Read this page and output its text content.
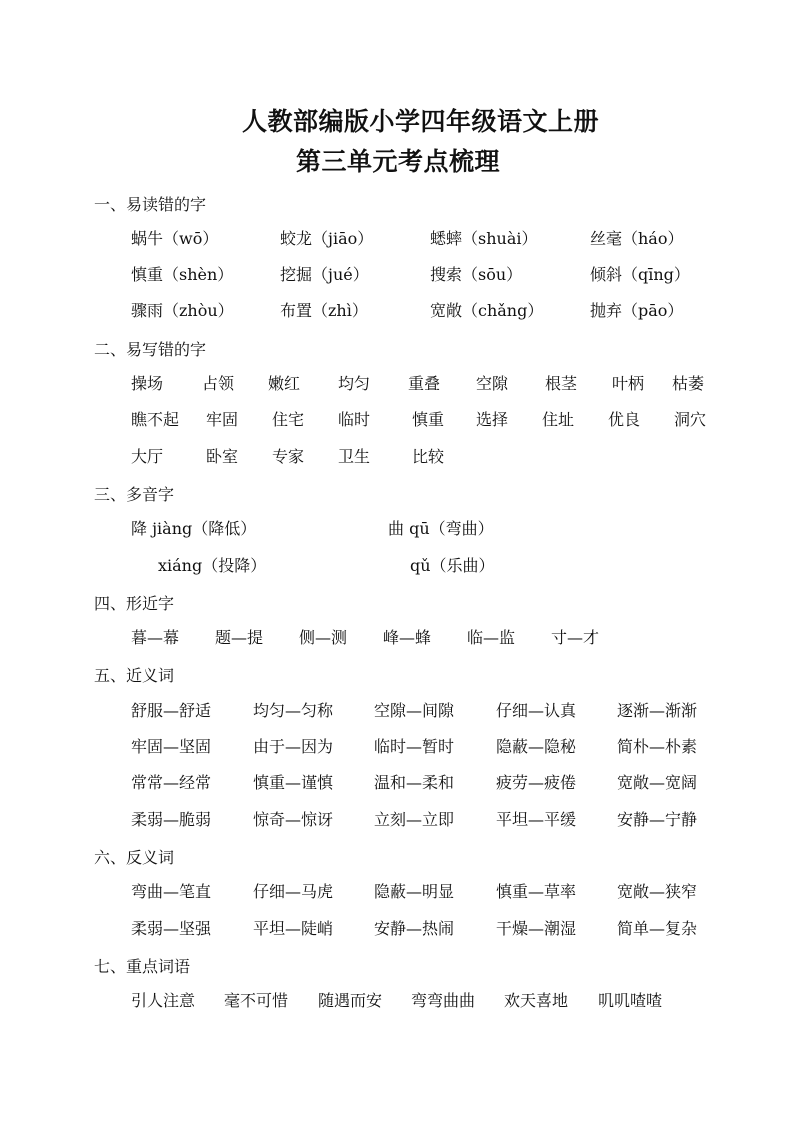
人教部编版小学四年级语文上册
第三单元考点梳理
一、易读错的字
蜗牛（wō）	蛟龙（jiāo）	蟋蟀（shuài）	丝毫（háo）
慎重（shèn）	挖掘（jué）	搜索（sōu）	倾斜（qīng）
骤雨（zhòu）	布置（zhì）	宽敞（chǎng）	抛弃（pāo）
二、易写错的字
操场 占领 嫩红 均匀 重叠 空隙 根茎 叶柄 枯萎
瞧不起 牢固 住宅 临时	慎重 选择 住址 优良 洞穴
大厅	卧室 专家 卫生	比较
三、多音字
降 jiàng（降低）	曲 qū（弯曲）
xiáng（投降）	qǔ（乐曲）
四、形近字
暮—幕 题—提 侧—测 峰—蜂 临—监 寸—才
五、近义词
舒服—舒适	均匀—匀称	空隙—间隙	仔细—认真	逐渐—渐渐
牢固—坚固	由于—因为	临时—暂时	隐蔽—隐秘	简朴—朴素
常常—经常	慎重—谨慎	温和—柔和	疲劳—疲倦	宽敞—宽阔
柔弱—脆弱	惊奇—惊讶	立刻—立即	平坦—平缓	安静—宁静
六、反义词
弯曲—笔直	仔细—马虎	隐蔽—明显	慎重—草率	宽敞—狭窄
柔弱—坚强	平坦—陡峭	安静—热闹	干燥—潮湿	简单—复杂
七、重点词语
引人注意 毫不可惜 随遇而安 弯弯曲曲 欢天喜地 叽叽喳喳
